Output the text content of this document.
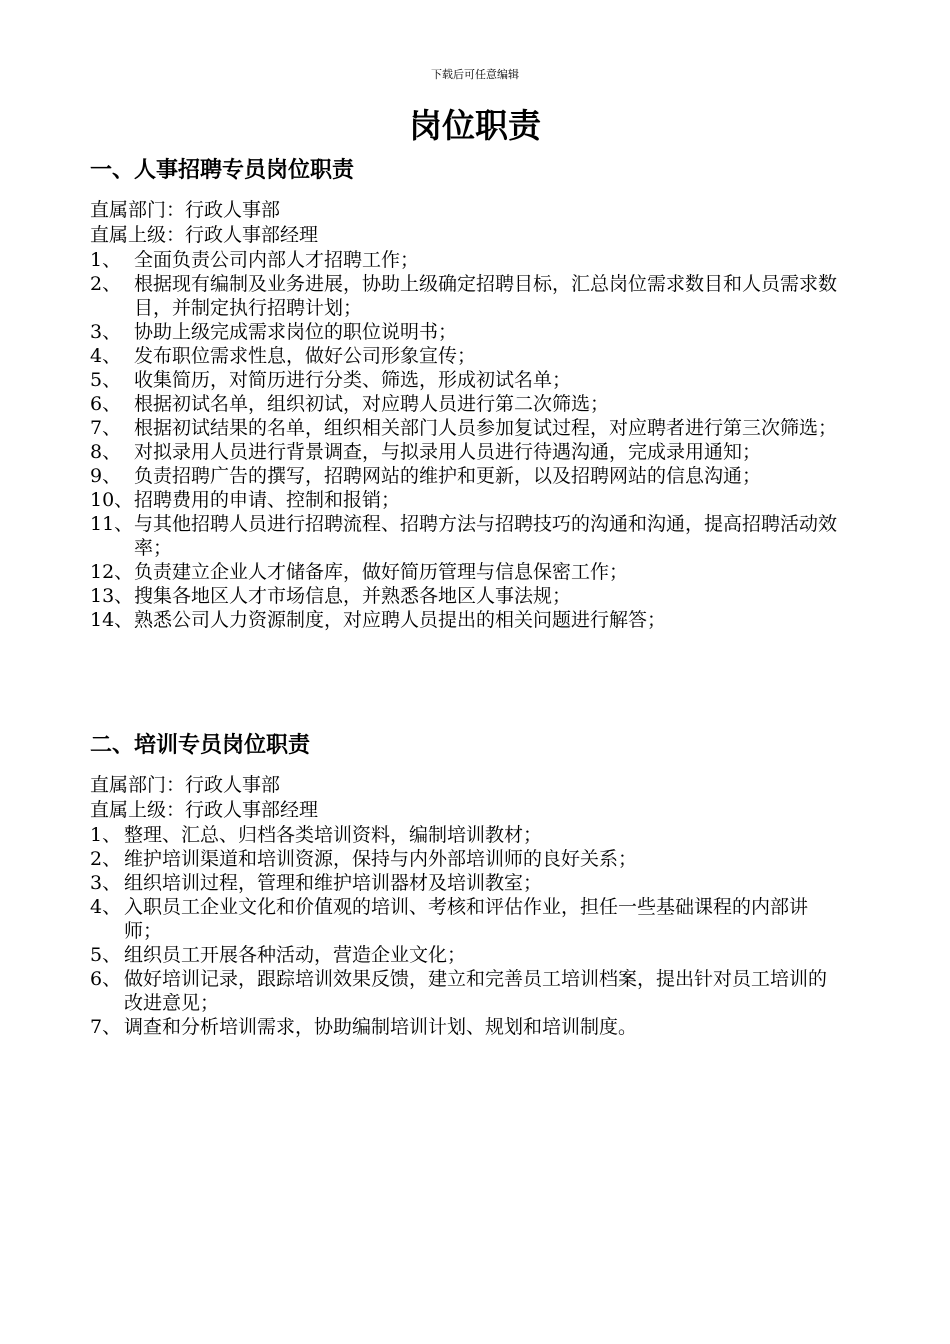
下载后可任意编辑
岗位职责
一、人事招聘专员岗位职责
直属部门：行政人事部
直属上级：行政人事部经理
1、 全面负责公司内部人才招聘工作；
2、 根据现有编制及业务进展，协助上级确定招聘目标，汇总岗位需求数目和人员需求数目，并制定执行招聘计划；
3、 协助上级完成需求岗位的职位说明书；
4、 发布职位需求性息，做好公司形象宣传；
5、 收集简历，对简历进行分类、筛选，形成初试名单；
6、 根据初试名单，组织初试，对应聘人员进行第二次筛选；
7、 根据初试结果的名单，组织相关部门人员参加复试过程，对应聘者进行第三次筛选；
8、 对拟录用人员进行背景调查，与拟录用人员进行待遇沟通，完成录用通知；
9、 负责招聘广告的撰写，招聘网站的维护和更新，以及招聘网站的信息沟通；
10、 招聘费用的申请、控制和报销；
11、 与其他招聘人员进行招聘流程、招聘方法与招聘技巧的沟通和沟通，提高招聘活动效率；
12、 负责建立企业人才储备库，做好简历管理与信息保密工作；
13、 搜集各地区人才市场信息，并熟悉各地区人事法规；
14、 熟悉公司人力资源制度，对应聘人员提出的相关问题进行解答；
二、培训专员岗位职责
直属部门：行政人事部
直属上级：行政人事部经理
1、 整理、汇总、归档各类培训资料，编制培训教材；
2、 维护培训渠道和培训资源，保持与内外部培训师的良好关系；
3、 组织培训过程，管理和维护培训器材及培训教室；
4、 入职员工企业文化和价值观的培训、考核和评估作业，担任一些基础课程的内部讲师；
5、 组织员工开展各种活动，营造企业文化；
6、 做好培训记录，跟踪培训效果反馈，建立和完善员工培训档案，提出针对员工培训的改进意见；
7、 调查和分析培训需求，协助编制培训计划、规划和培训制度。
